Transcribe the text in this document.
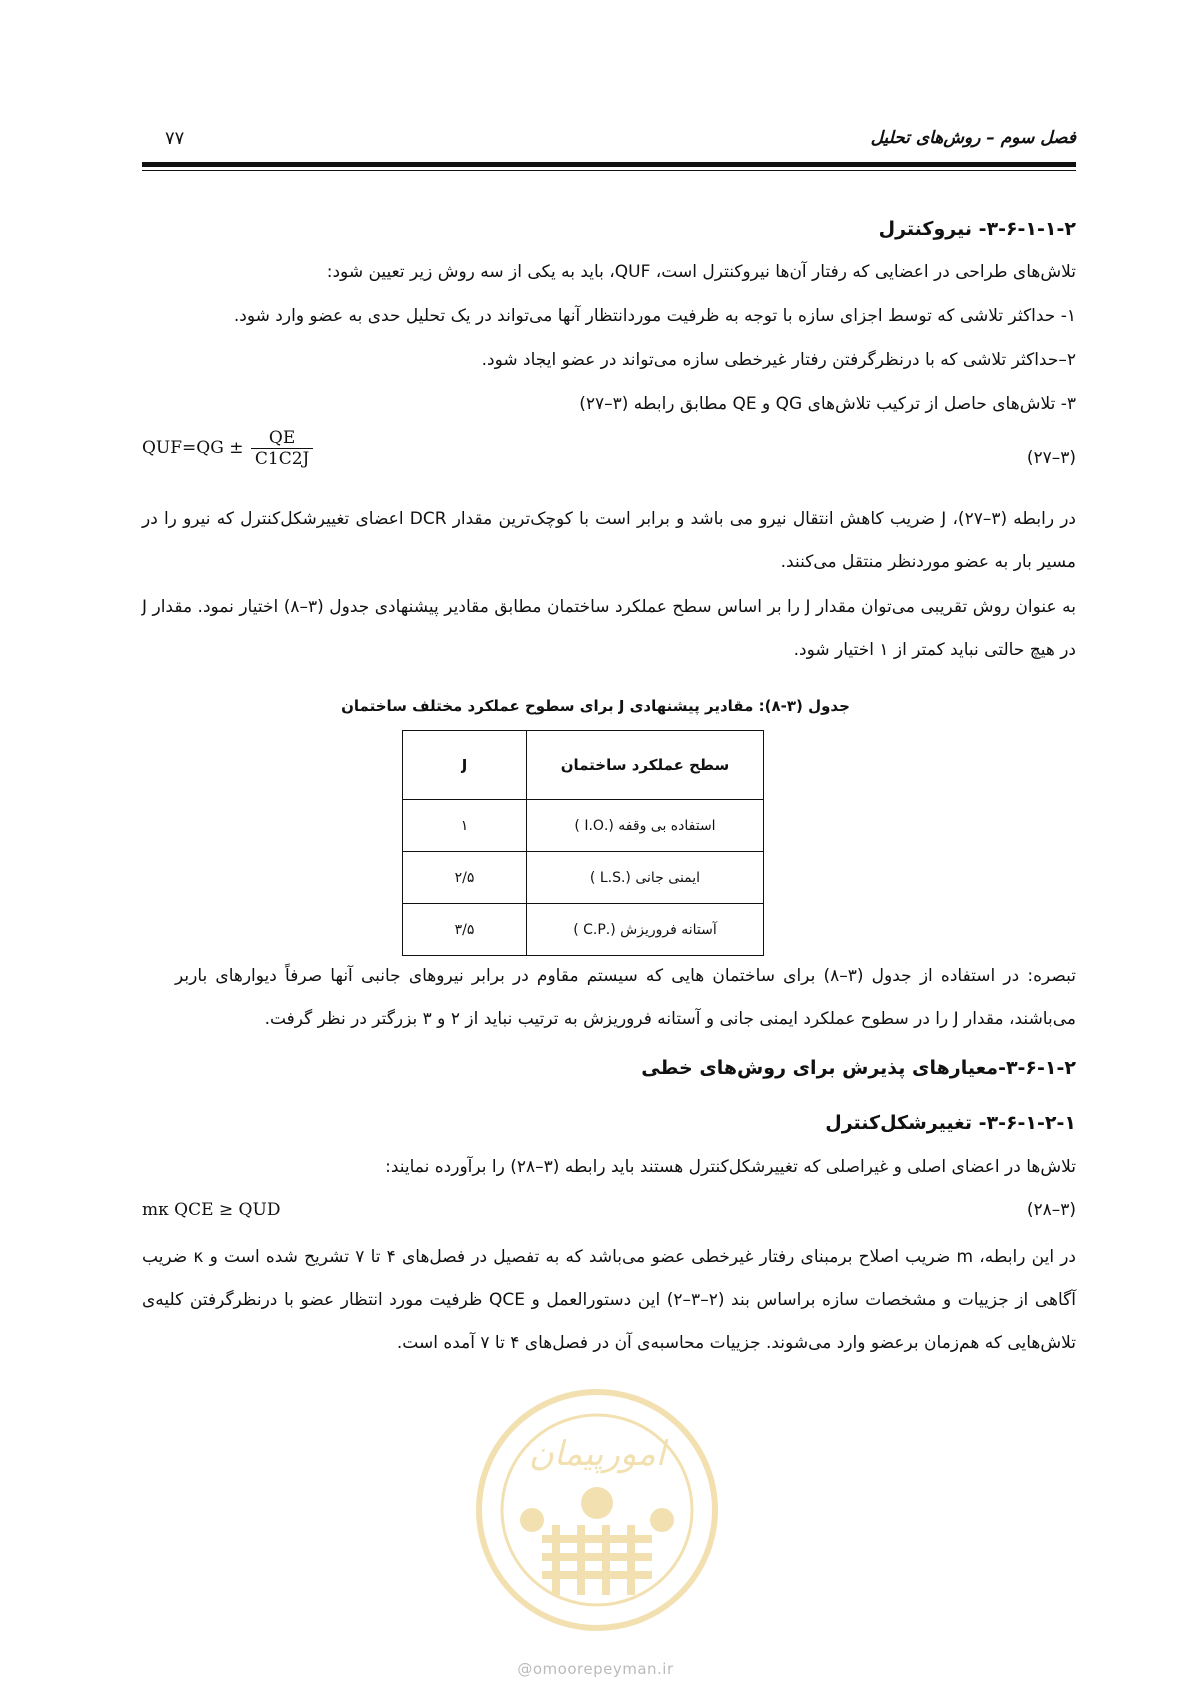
فصل سوم – روش‌های تحلیل
۷۷
۳-۶-۱-۱-۲- نیروکنترل
تلاش‌های طراحی در اعضایی که رفتار آن‌ها نیروکنترل است، QUF، باید به یکی از سه روش زیر تعیین شود:
۱- حداکثر تلاشی که توسط اجزای سازه با توجه به ظرفیت موردانتظار آنها می‌تواند در یک تحلیل حدی به عضو وارد شود.
۲–حداکثر تلاشی که با درنظرگرفتن رفتار غیرخطی سازه می‌تواند در عضو ایجاد شود.
۳- تلاش‌های حاصل از ترکیب تلاش‌های QG و QE مطابق رابطه (۳–۲۷)
(۲۷–۳)
$QUF=QG \pm \frac{QE}{C1C2J}$
در رابطه (۳–۲۷)، J ضریب کاهش انتقال نیرو می باشد و برابر است با کوچک‌ترین مقدار DCR اعضای تغییرشکل‌کنترل که نیرو را در مسیر بار به عضو موردنظر منتقل می‌کنند.
به عنوان روش تقریبی می‌توان مقدار J را بر اساس سطح عملکرد ساختمان مطابق مقادیر پیشنهادی جدول (۳–۸) اختیار نمود. مقدار J در هیچ حالتی نباید کمتر از ۱ اختیار شود.
جدول (۳-۸): مقادیر پیشنهادی J برای سطوح عملکرد مختلف ساختمان
سطح عملکرد ساختمان	J
استفاده بی وقفه (.I.O )	۱
ایمنی جانی (.L.S )	۲/۵
آستانه فروریزش (.C.P )	۳/۵
تبصره: در استفاده از جدول (۳–۸) برای ساختمان هایی که سیستم مقاوم در برابر نیروهای جانبی آنها صرفاً دیوارهای باربر می‌باشند، مقدار J را در سطوح عملکرد ایمنی جانی و آستانه فروریزش به ترتیب نباید از ۲ و ۳ بزرگتر در نظر گرفت.
۳-۶-۱-۲-معیارهای پذیرش برای روش‌های خطی
۳-۶-۱-۲-۱- تغییرشکل‌کنترل
تلاش‌ها در اعضای اصلی و غیراصلی که تغییرشکل‌کنترل هستند باید رابطه (۳–۲۸) را برآورده نمایند:
(۲۸–۳)
mκ QCE ≥ QUD
در این رابطه، m ضریب اصلاح برمبنای رفتار غیرخطی عضو می‌باشد که به تفصیل در فصل‌های ۴ تا ۷ تشریح شده است و κ ضریب آگاهی از جزییات و مشخصات سازه براساس بند (۲–۳–۲) این دستورالعمل و QCE ظرفیت مورد انتظار عضو با درنظرگرفتن کلیه‌ی تلاش‌هایی که هم‌زمان برعضو وارد می‌شوند. جزییات محاسبه‌ی آن در فصل‌های ۴ تا ۷ آمده است.
امورپیمان
@omoorepeyman.ir
